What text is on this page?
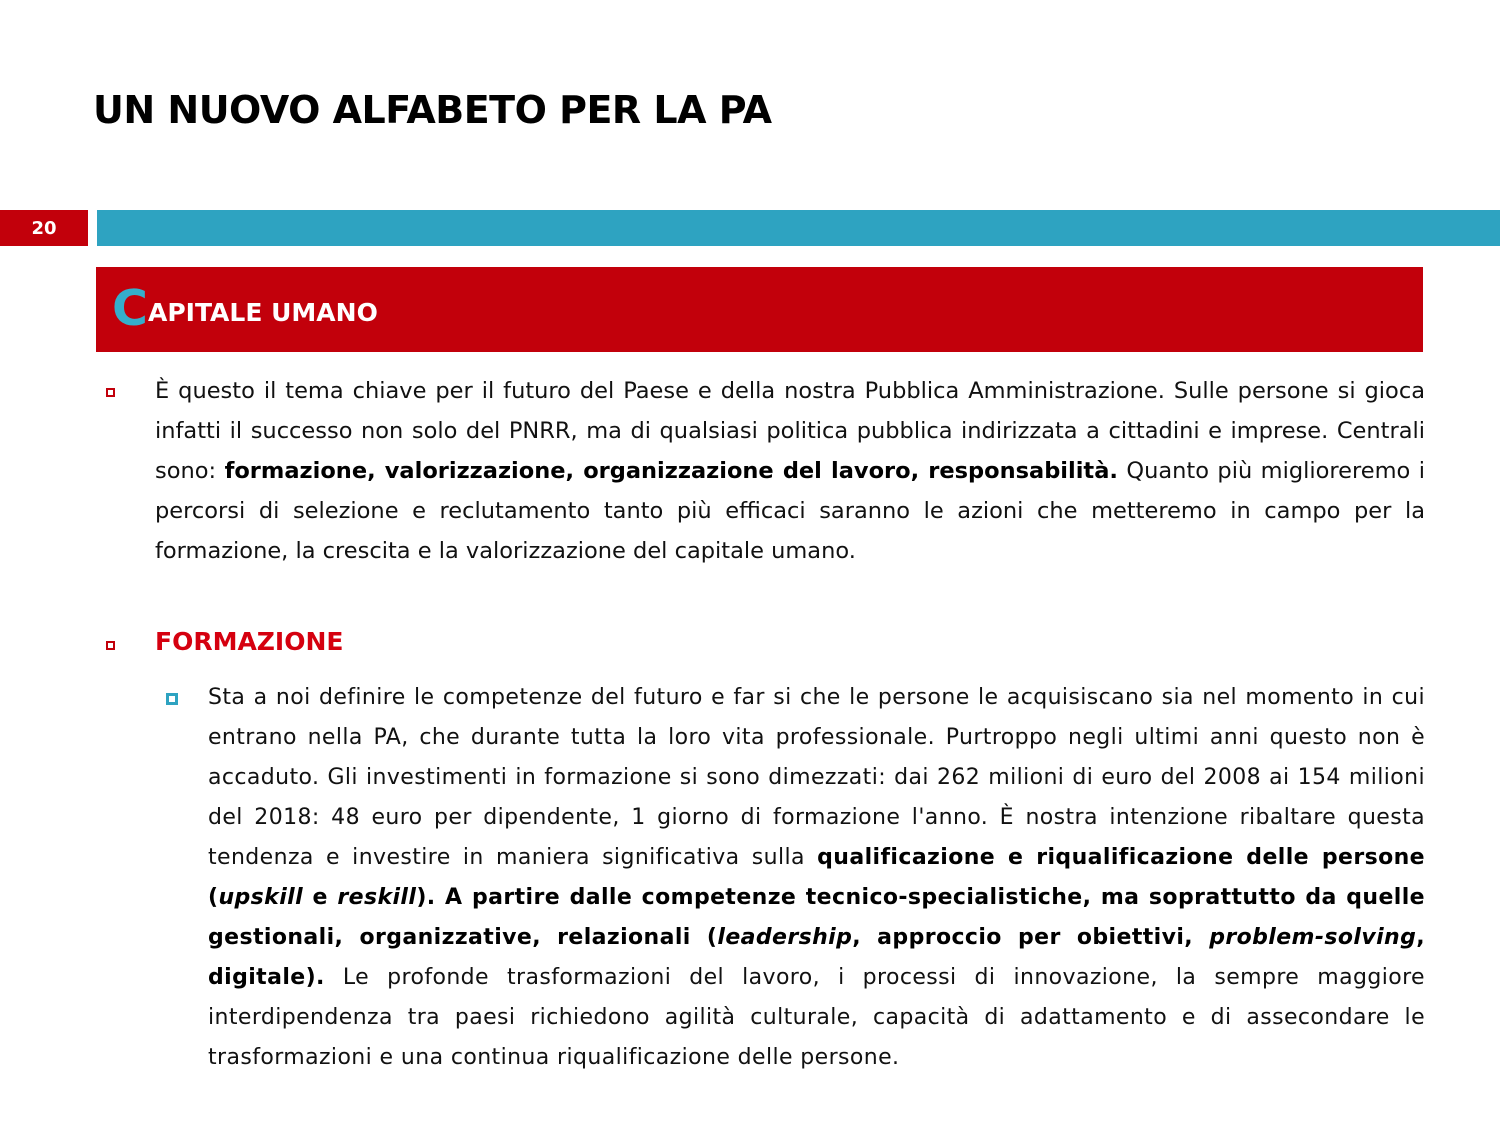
UN NUOVO ALFABETO PER LA PA
20
CAPITALE UMANO

È questo il tema chiave per il futuro del Paese e della nostra Pubblica Amministrazione. Sulle persone si gioca infatti il successo non solo del PNRR, ma di qualsiasi politica pubblica indirizzata a cittadini e imprese. Centrali sono: formazione, valorizzazione, organizzazione del lavoro, responsabilità. Quanto più miglioreremo i percorsi di selezione e reclutamento tanto più efficaci saranno le azioni che metteremo in campo per la formazione, la crescita e la valorizzazione del capitale umano.

FORMAZIONE

Sta a noi definire le competenze del futuro e far si che le persone le acquisiscano sia nel momento in cui entrano nella PA, che durante tutta la loro vita professionale. Purtroppo negli ultimi anni questo non è accaduto. Gli investimenti in formazione si sono dimezzati: dai 262 milioni di euro del 2008 ai 154 milioni del 2018: 48 euro per dipendente, 1 giorno di formazione l'anno. È nostra intenzione ribaltare questa tendenza e investire in maniera significativa sulla qualificazione e riqualificazione delle persone (upskill e reskill). A partire dalle competenze tecnico-specialistiche, ma soprattutto da quelle gestionali, organizzative, relazionali (leadership, approccio per obiettivi, problem-solving, digitale). Le profonde trasformazioni del lavoro, i processi di innovazione, la sempre maggiore interdipendenza tra paesi richiedono agilità culturale, capacità di adattamento e di assecondare le trasformazioni e una continua riqualificazione delle persone.
